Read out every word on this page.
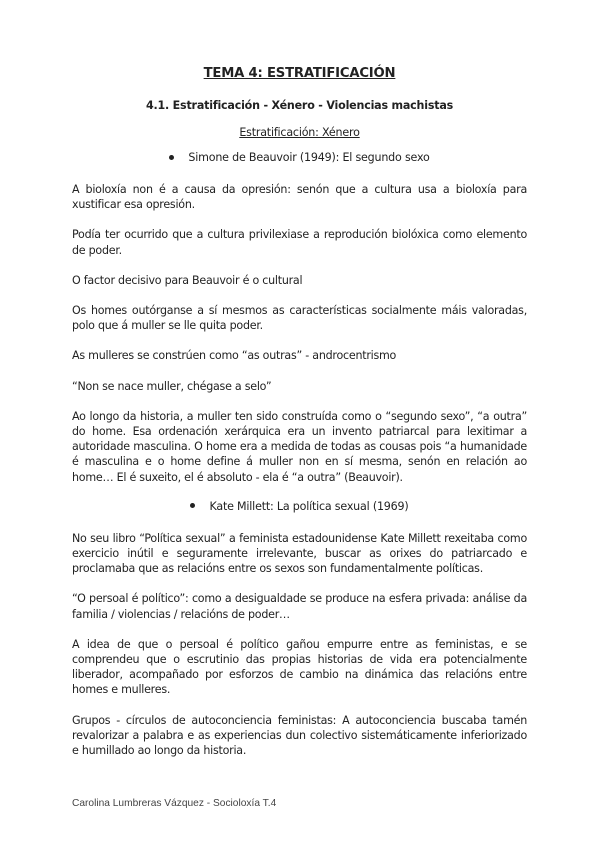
TEMA 4: ESTRATIFICACIÓN
4.1. Estratificación - Xénero - Violencias machistas
Estratificación: Xénero
Simone de Beauvoir (1949): El segundo sexo

A bioloxía non é a causa da opresión: senón que a cultura usa a bioloxía para xustificar esa opresión.

Podía ter ocurrido que a cultura privilexiase a reprodución biolóxica como elemento de poder.

O factor decisivo para Beauvoir é o cultural

Os homes outórganse a sí mesmos as características socialmente máis valoradas, polo que á muller se lle quita poder.

As mulleres se constrúen como “as outras” - androcentrismo

“Non se nace muller, chégase a selo”

Ao longo da historia, a muller ten sido construída como o “segundo sexo”, “a outra” do home. Esa ordenación xerárquica era un invento patriarcal para lexitimar a autoridade masculina. O home era a medida de todas as cousas pois “a humanidade é masculina e o home define á muller non en sí mesma, senón en relación ao home… El é suxeito, el é absoluto - ela é “a outra” (Beauvoir).

Kate Millett: La política sexual (1969)

No seu libro “Política sexual” a feminista estadounidense Kate Millett rexeitaba como exercicio inútil e seguramente irrelevante, buscar as orixes do patriarcado e proclamaba que as relacións entre os sexos son fundamentalmente políticas.

“O persoal é político”: como a desigualdade se produce na esfera privada: análise da familia / violencias / relacións de poder…

A idea de que o persoal é político gañou empurre entre as feministas, e se comprendeu que o escrutinio das propias historias de vida era potencialmente liberador, acompañado por esforzos de cambio na dinámica das relacións entre homes e mulleres.

Grupos - círculos de autoconciencia feministas: A autoconciencia buscaba tamén revalorizar a palabra e as experiencias dun colectivo sistemáticamente inferiorizado e humillado ao longo da historia.

Carolina Lumbreras Vázquez - Socioloxía T.4
